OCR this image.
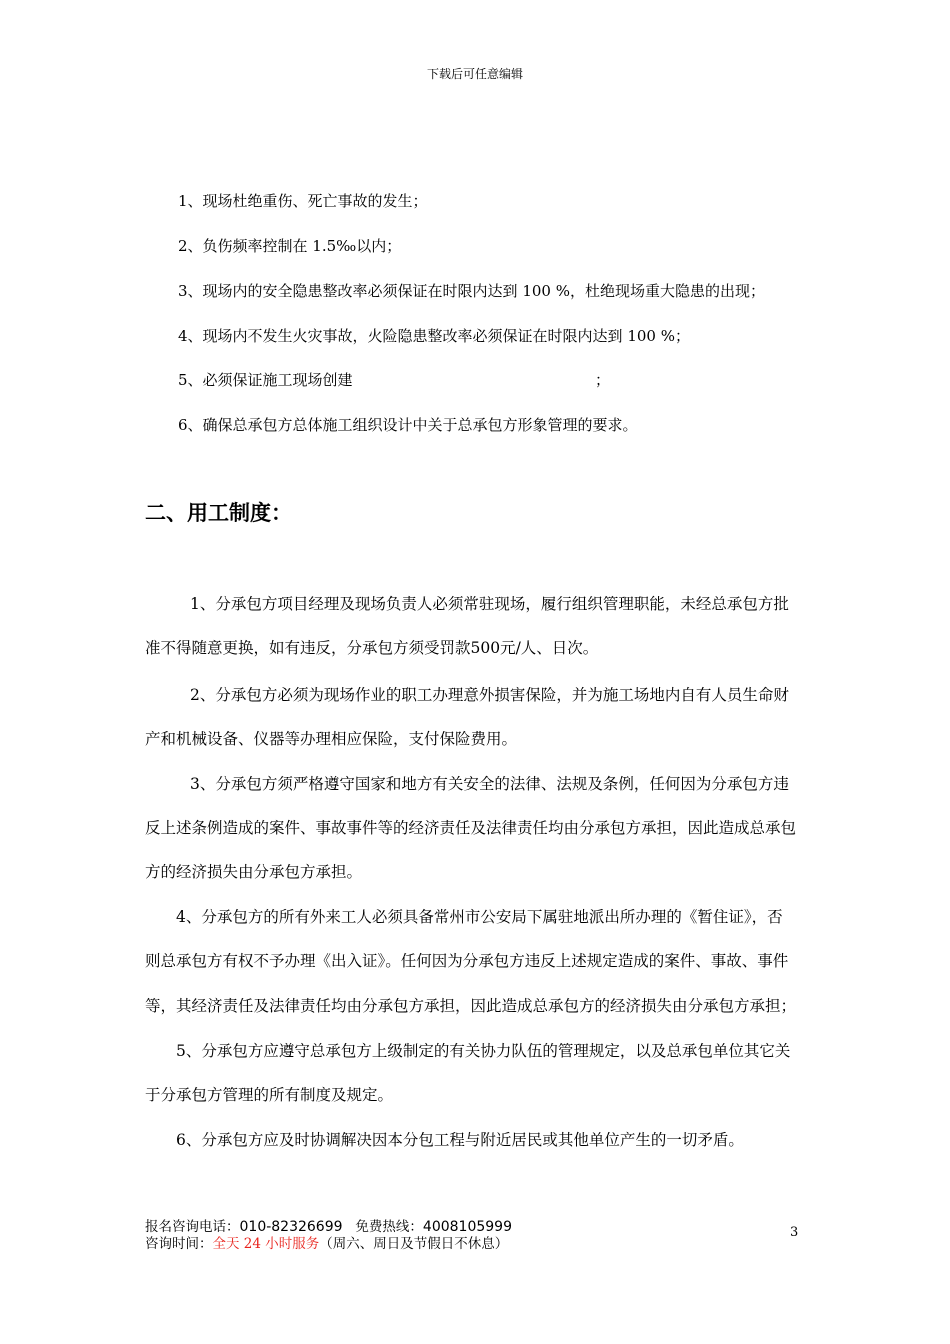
下载后可任意编辑
1、现场杜绝重伤、死亡事故的发生；
2、负伤频率控制在 1.5‰以内；
3、现场内的安全隐患整改率必须保证在时限内达到 100 %，杜绝现场重大隐患的出现；
4、现场内不发生火灾事故，火险隐患整改率必须保证在时限内达到 100 %；
5、必须保证施工现场创建	；
6、确保总承包方总体施工组织设计中关于总承包方形象管理的要求。
二、用工制度：
1、分承包方项目经理及现场负责人必须常驻现场，履行组织管理职能，未经总承包方批
准不得随意更换，如有违反，分承包方须受罚款500元/人、日次。
2、分承包方必须为现场作业的职工办理意外损害保险，并为施工场地内自有人员生命财
产和机械设备、仪器等办理相应保险，支付保险费用。
3、分承包方须严格遵守国家和地方有关安全的法律、法规及条例，任何因为分承包方违
反上述条例造成的案件、事故事件等的经济责任及法律责任均由分承包方承担，因此造成总承包
方的经济损失由分承包方承担。
4、分承包方的所有外来工人必须具备常州市公安局下属驻地派出所办理的《暂住证》，否
则总承包方有权不予办理《出入证》。任何因为分承包方违反上述规定造成的案件、事故、事件
等，其经济责任及法律责任均由分承包方承担，因此造成总承包方的经济损失由分承包方承担；
5、分承包方应遵守总承包方上级制定的有关协力队伍的管理规定，以及总承包单位其它关
于分承包方管理的所有制度及规定。
6、分承包方应及时协调解决因本分包工程与附近居民或其他单位产生的一切矛盾。
报名咨询电话：010-82326699 免费热线：4008105999
咨询时间：全天 24 小时服务（周六、周日及节假日不休息）
3
